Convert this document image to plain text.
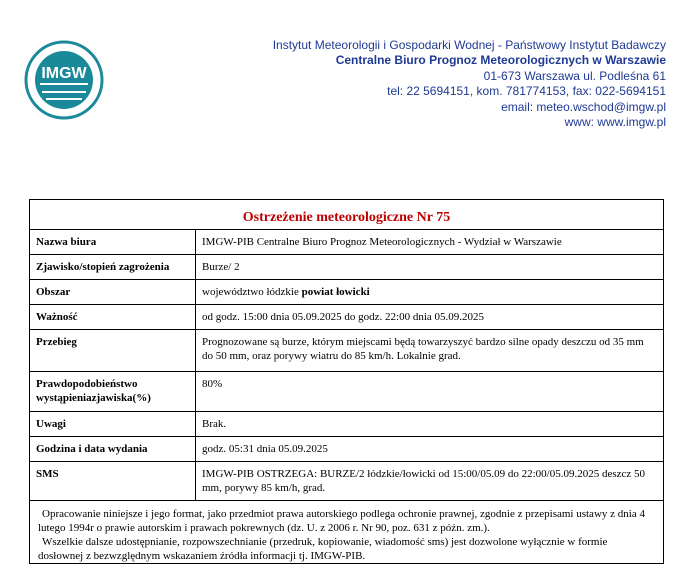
IMGW
Instytut Meteorologii i Gospodarki Wodnej - Państwowy Instytut Badawczy
Centralne Biuro Prognoz Meteorologicznych w Warszawie
01-673 Warszawa ul. Podleśna 61
tel: 22 5694151, kom. 781774153, fax: 022-5694151
email: meteo.wschod@imgw.pl
www: www.imgw.pl
Ostrzeżenie meteorologiczne Nr 75
Nazwa biura	IMGW-PIB Centralne Biuro Prognoz Meteorologicznych - Wydział w Warszawie
Zjawisko/stopień zagrożenia	Burze/ 2
Obszar	województwo łódzkie powiat łowicki
Ważność	od godz. 15:00 dnia 05.09.2025 do godz. 22:00 dnia 05.09.2025
Przebieg	Prognozowane są burze, którym miejscami będą towarzyszyć bardzo silne opady deszczu od 35 mm do 50 mm, oraz porywy wiatru do 85 km/h. Lokalnie grad.
Prawdopodobieństwo wystąpieniazjawiska(%)	80%
Uwagi	Brak.
Godzina i data wydania	godz. 05:31 dnia 05.09.2025
SMS	IMGW-PIB OSTRZEGA: BURZE/2 łódzkie/łowicki od 15:00/05.09 do 22:00/05.09.2025 deszcz 50 mm, porywy 85 km/h, grad.
Opracowanie niniejsze i jego format, jako przedmiot prawa autorskiego podlega ochronie prawnej, zgodnie z przepisami ustawy z dnia 4 lutego 1994r o prawie autorskim i prawach pokrewnych (dz. U. z 2006 r. Nr 90, poz. 631 z późn. zm.).
Wszelkie dalsze udostępnianie, rozpowszechnianie (przedruk, kopiowanie, wiadomość sms) jest dozwolone wyłącznie w formie dosłownej z bezwzględnym wskazaniem źródła informacji tj. IMGW-PIB.
